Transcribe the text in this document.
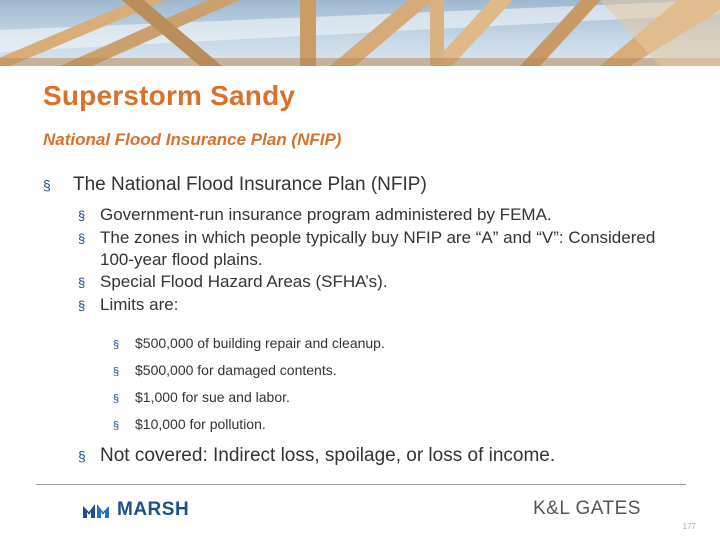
Superstorm Sandy
National Flood Insurance Plan (NFIP)
§	The National Flood Insurance Plan (NFIP)
§ Government-run insurance program administered by FEMA.
§ The zones in which people typically buy NFIP are “A” and “V”: Considered 100-year flood plains.
§ Special Flood Hazard Areas (SFHA’s).
§ Limits are:
§	$500,000 of building repair and cleanup.
§	$500,000 for damaged contents.
§	$1,000 for sue and labor.
§	$10,000 for pollution.
§ Not covered: Indirect loss, spoilage, or loss of income.
MARSH	K&L GATES
177
